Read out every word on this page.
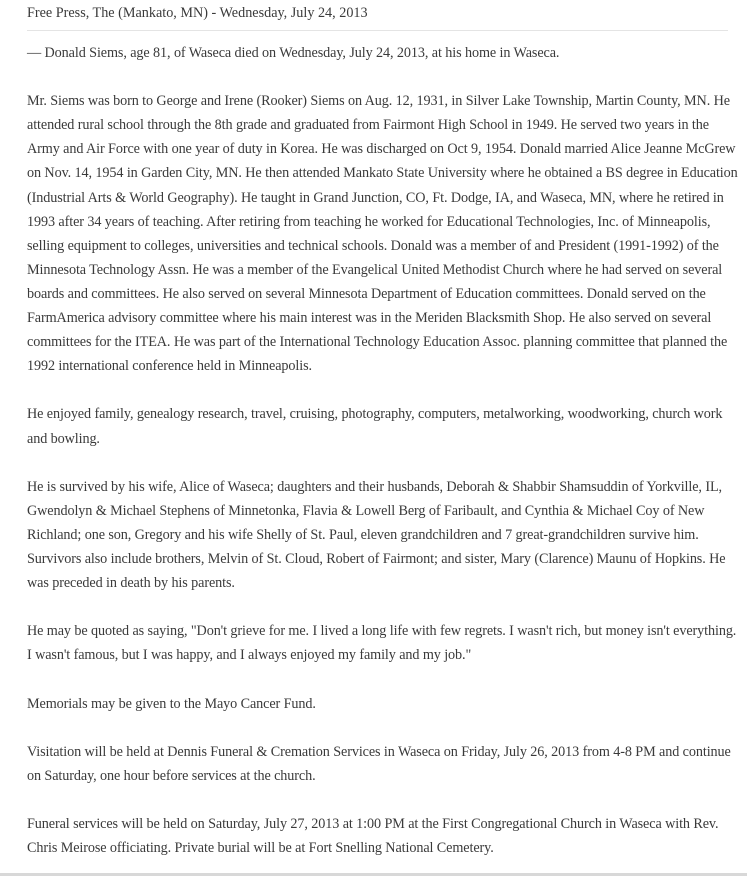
Free Press, The (Mankato, MN) - Wednesday, July 24, 2013

— Donald Siems, age 81, of Waseca died on Wednesday, July 24, 2013, at his home in Waseca.

Mr. Siems was born to George and Irene (Rooker) Siems on Aug. 12, 1931, in Silver Lake Township, Martin County, MN. He attended rural school through the 8th grade and graduated from Fairmont High School in 1949. He served two years in the Army and Air Force with one year of duty in Korea. He was discharged on Oct 9, 1954. Donald married Alice Jeanne McGrew on Nov. 14, 1954 in Garden City, MN. He then attended Mankato State University where he obtained a BS degree in Education (Industrial Arts & World Geography). He taught in Grand Junction, CO, Ft. Dodge, IA, and Waseca, MN, where he retired in 1993 after 34 years of teaching. After retiring from teaching he worked for Educational Technologies, Inc. of Minneapolis, selling equipment to colleges, universities and technical schools. Donald was a member of and President (1991-1992) of the Minnesota Technology Assn. He was a member of the Evangelical United Methodist Church where he had served on several boards and committees. He also served on several Minnesota Department of Education committees. Donald served on the FarmAmerica advisory committee where his main interest was in the Meriden Blacksmith Shop. He also served on several committees for the ITEA. He was part of the International Technology Education Assoc. planning committee that planned the 1992 international conference held in Minneapolis.

He enjoyed family, genealogy research, travel, cruising, photography, computers, metalworking, woodworking, church work and bowling.

He is survived by his wife, Alice of Waseca; daughters and their husbands, Deborah & Shabbir Shamsuddin of Yorkville, IL, Gwendolyn & Michael Stephens of Minnetonka, Flavia & Lowell Berg of Faribault, and Cynthia & Michael Coy of New Richland; one son, Gregory and his wife Shelly of St. Paul, eleven grandchildren and 7 great-grandchildren survive him. Survivors also include brothers, Melvin of St. Cloud, Robert of Fairmont; and sister, Mary (Clarence) Maunu of Hopkins. He was preceded in death by his parents.

He may be quoted as saying, "Don't grieve for me. I lived a long life with few regrets. I wasn't rich, but money isn't everything. I wasn't famous, but I was happy, and I always enjoyed my family and my job."

Memorials may be given to the Mayo Cancer Fund.

Visitation will be held at Dennis Funeral & Cremation Services in Waseca on Friday, July 26, 2013 from 4-8 PM and continue on Saturday, one hour before services at the church.

Funeral services will be held on Saturday, July 27, 2013 at 1:00 PM at the First Congregational Church in Waseca with Rev. Chris Meirose officiating. Private burial will be at Fort Snelling National Cemetery.
